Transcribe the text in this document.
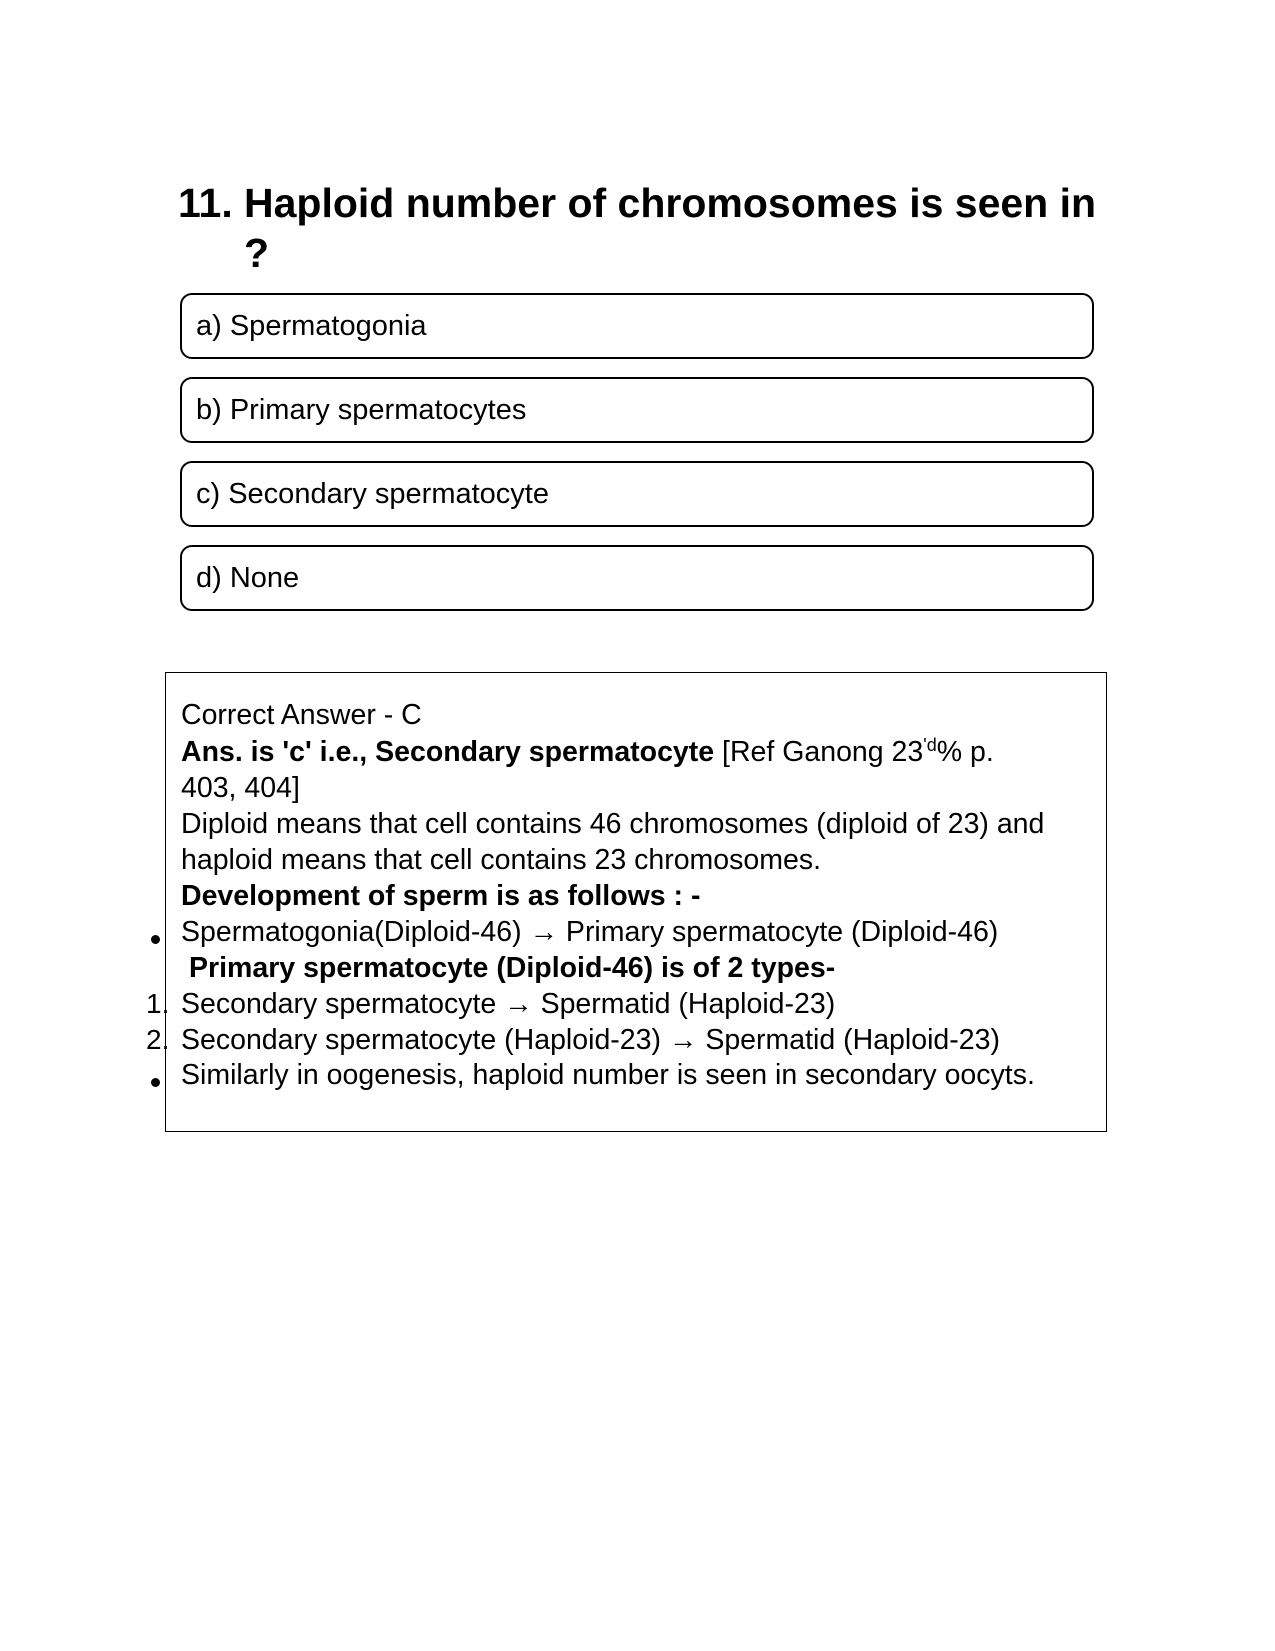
11. Haploid number of chromosomes is seen in ?
a) Spermatogonia
b) Primary spermatocytes
c) Secondary spermatocyte
d) None
Correct Answer - C
Ans. is 'c' i.e., Secondary spermatocyte [Ref Ganong 23$^{'d}$% p.
403, 404]
Diploid means that cell contains 46 chromosomes (diploid of 23) and
haploid means that cell contains 23 chromosomes.
Development of sperm is as follows : -
Spermatogonia(Diploid-46) → Primary spermatocyte (Diploid-46)
Primary spermatocyte (Diploid-46) is of 2 types-
1. Secondary spermatocyte → Spermatid (Haploid-23)
2. Secondary spermatocyte (Haploid-23) → Spermatid (Haploid-23)
Similarly in oogenesis, haploid number is seen in secondary oocyts.
